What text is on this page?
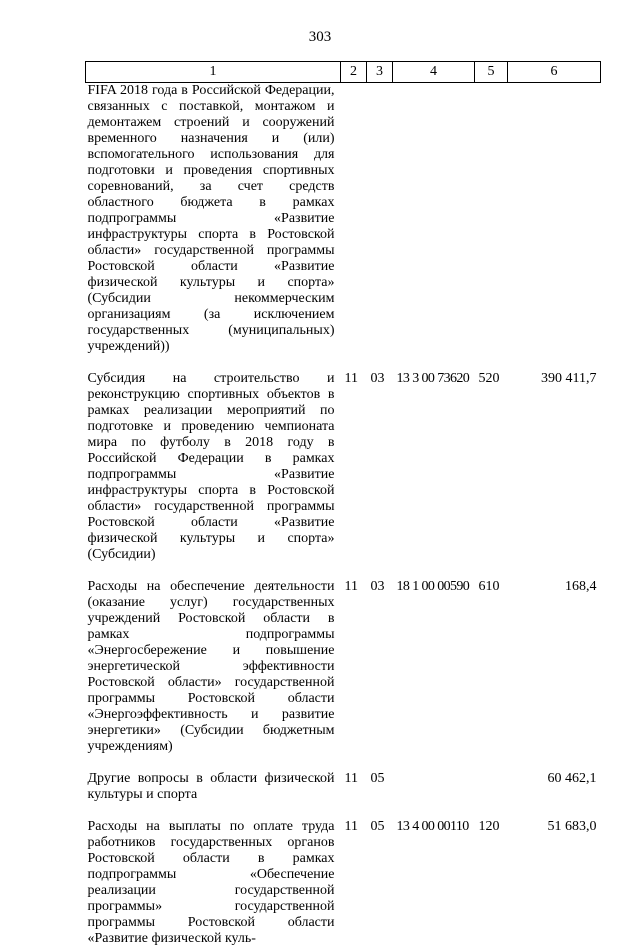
303
1	2	3	4	5	6
FIFA 2018 года в Российской Федерации, связанных с поставкой, монтажом и демонтажем строений и сооружений временного назначения и (или) вспомогательного использования для подготовки и проведения спортивных соревнований, за счет средств областного бюджета в рамках подпрограммы «Развитие инфраструктуры спорта в Ростовской области» государственной программы Ростовской области «Развитие физической культуры и спорта» (Субсидии некоммерческим организациям (за исключением государственных (муниципальных) учреждений))					
Субсидия на строительство и реконструкцию спортивных объектов в рамках реализации мероприятий по подготовке и проведению чемпионата мира по футболу в 2018 году в Российской Федерации в рамках подпрограммы «Развитие инфраструктуры спорта в Ростовской области» государственной программы Ростовской области «Развитие физической культуры и спорта» (Субсидии)	11	03	13 3 00 73620	520	390 411,7
Расходы на обеспечение деятельности (оказание услуг) государственных учреждений Ростовской области в рамках подпрограммы «Энергосбережение и повышение энергетической эффективности Ростовской области» государственной программы Ростовской области «Энергоэффективность и развитие энергетики» (Субсидии бюджетным учреждениям)	11	03	18 1 00 00590	610	168,4
Другие вопросы в области физической культуры и спорта	11	05			60 462,1
Расходы на выплаты по оплате труда работников государственных органов Ростовской области в рамках подпрограммы «Обеспечение реализации государственной программы» государственной программы Ростовской области «Развитие физической куль-	11	05	13 4 00 00110	120	51 683,0
